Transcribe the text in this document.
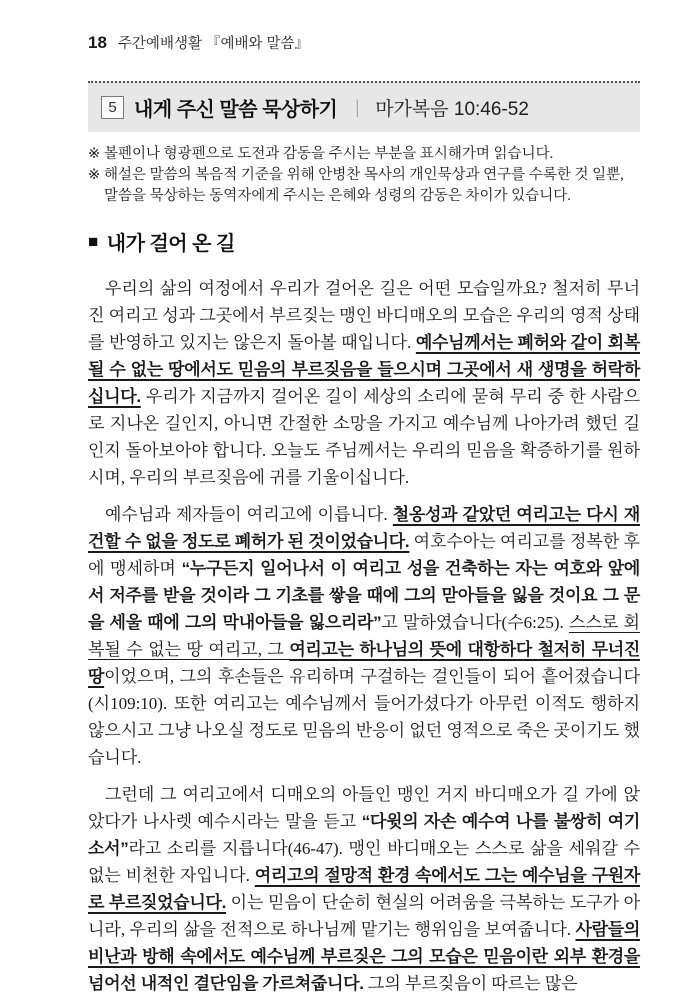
18 주간예배생활 『예배와 말씀』
5 내게 주신 말씀 묵상하기 | 마가복음 10:46-52
※ 볼펜이나 형광펜으로 도전과 감동을 주시는 부분을 표시해가며 읽습니다.
※ 해설은 말씀의 복음적 기준을 위해 안병찬 목사의 개인묵상과 연구를 수록한 것 일뿐,
말씀을 묵상하는 동역자에게 주시는 은혜와 성령의 감동은 차이가 있습니다.
■ 내가 걸어 온 길

우리의 삶의 여정에서 우리가 걸어온 길은 어떤 모습일까요? 철저히 무너진 여리고 성과 그곳에서 부르짖는 맹인 바디매오의 모습은 우리의 영적 상태를 반영하고 있지는 않은지 돌아볼 때입니다. 예수님께서는 폐허와 같이 회복될 수 없는 땅에서도 믿음의 부르짖음을 들으시며 그곳에서 새 생명을 허락하십니다. 우리가 지금까지 걸어온 길이 세상의 소리에 묻혀 무리 중 한 사람으로 지나온 길인지, 아니면 간절한 소망을 가지고 예수님께 나아가려 했던 길인지 돌아보아야 합니다. 오늘도 주님께서는 우리의 믿음을 확증하기를 원하시며, 우리의 부르짖음에 귀를 기울이십니다.

예수님과 제자들이 여리고에 이릅니다. 철옹성과 같았던 여리고는 다시 재건할 수 없을 정도로 폐허가 된 것이었습니다. 여호수아는 여리고를 정복한 후에 맹세하며 “누구든지 일어나서 이 여리고 성을 건축하는 자는 여호와 앞에서 저주를 받을 것이라 그 기초를 쌓을 때에 그의 맏아들을 잃을 것이요 그 문을 세울 때에 그의 막내아들을 잃으리라”고 말하였습니다(수6:25). 스스로 회복될 수 없는 땅 여리고, 그 여리고는 하나님의 뜻에 대항하다 철저히 무너진 땅이었으며, 그의 후손들은 유리하며 구걸하는 걸인들이 되어 흩어졌습니다(시109:10). 또한 여리고는 예수님께서 들어가셨다가 아무런 이적도 행하지 않으시고 그냥 나오실 정도로 믿음의 반응이 없던 영적으로 죽은 곳이기도 했습니다.

그런데 그 여리고에서 디매오의 아들인 맹인 거지 바디매오가 길 가에 앉았다가 나사렛 예수시라는 말을 듣고 “다윗의 자손 예수여 나를 불쌍히 여기소서”라고 소리를 지릅니다(46-47). 맹인 바디매오는 스스로 삶을 세워갈 수 없는 비천한 자입니다. 여리고의 절망적 환경 속에서도 그는 예수님을 구원자로 부르짖었습니다. 이는 믿음이 단순히 현실의 어려움을 극복하는 도구가 아니라, 우리의 삶을 전적으로 하나님께 맡기는 행위임을 보여줍니다. 사람들의 비난과 방해 속에서도 예수님께 부르짖은 그의 모습은 믿음이란 외부 환경을 넘어선 내적인 결단임을 가르쳐줍니다. 그의 부르짖음이 따르는 많은
